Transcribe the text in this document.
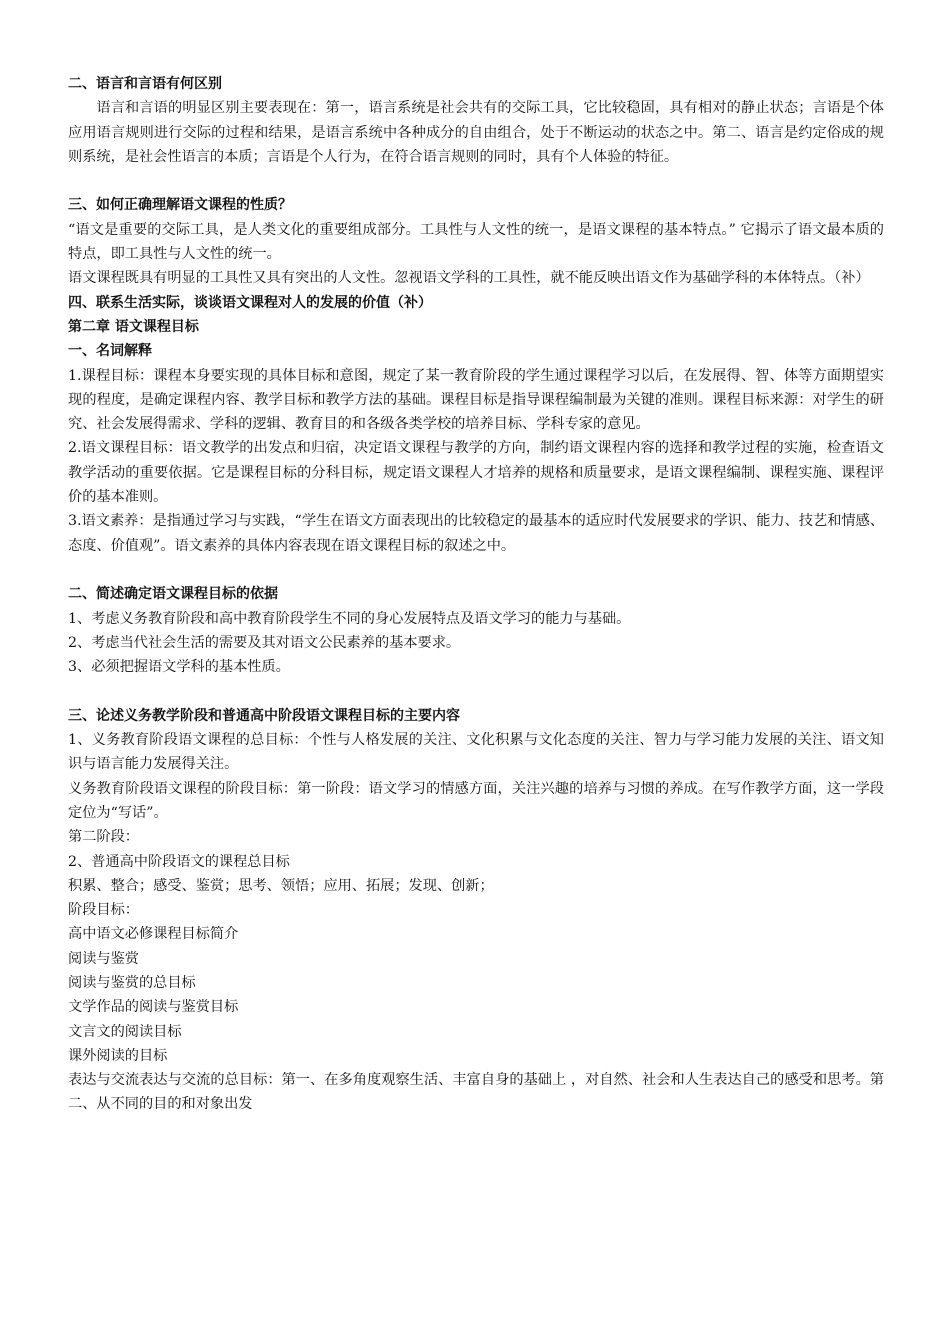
二、语言和言语有何区别

语言和言语的明显区别主要表现在：第一，语言系统是社会共有的交际工具，它比较稳固，具有相对的静止状态；言语是个体应用语言规则进行交际的过程和结果，是语言系统中各种成分的自由组合，处于不断运动的状态之中。第二、语言是约定俗成的规则系统，是社会性语言的本质；言语是个人行为，在符合语言规则的同时，具有个人体验的特征。

三、如何正确理解语文课程的性质？

“语文是重要的交际工具，是人类文化的重要组成部分。工具性与人文性的统一，是语文课程的基本特点。” 它揭示了语文最本质的特点，即工具性与人文性的统一。

语文课程既具有明显的工具性又具有突出的人文性。忽视语文学科的工具性，就不能反映出语文作为基础学科的本体特点。（补）

四、联系生活实际，谈谈语文课程对人的发展的价值（补）

第二章 语文课程目标

一、名词解释

1.课程目标：课程本身要实现的具体目标和意图，规定了某一教育阶段的学生通过课程学习以后，在发展得、智、体等方面期望实现的程度，是确定课程内容、教学目标和教学方法的基础。课程目标是指导课程编制最为关键的准则。课程目标来源：对学生的研究、社会发展得需求、学科的逻辑、教育目的和各级各类学校的培养目标、学科专家的意见。

2.语文课程目标：语文教学的出发点和归宿，决定语文课程与教学的方向，制约语文课程内容的选择和教学过程的实施，检查语文教学活动的重要依据。它是课程目标的分科目标，规定语文课程人才培养的规格和质量要求，是语文课程编制、课程实施、课程评价的基本准则。

3.语文素养：是指通过学习与实践，“学生在语文方面表现出的比较稳定的最基本的适应时代发展要求的学识、能力、技艺和情感、态度、价值观”。语文素养的具体内容表现在语文课程目标的叙述之中。

二、简述确定语文课程目标的依据

1、考虑义务教育阶段和高中教育阶段学生不同的身心发展特点及语文学习的能力与基础。

2、考虑当代社会生活的需要及其对语文公民素养的基本要求。

3、必须把握语文学科的基本性质。

三、论述义务教学阶段和普通高中阶段语文课程目标的主要内容

1、义务教育阶段语文课程的总目标：个性与人格发展的关注、文化积累与文化态度的关注、智力与学习能力发展的关注、语文知识与语言能力发展得关注。

义务教育阶段语文课程的阶段目标：第一阶段：语文学习的情感方面，关注兴趣的培养与习惯的养成。在写作教学方面，这一学段定位为“写话”。

第二阶段：

2、普通高中阶段语文的课程总目标

积累、整合；感受、鉴赏；思考、领悟；应用、拓展；发现、创新；

阶段目标：

高中语文必修课程目标简介

阅读与鉴赏

阅读与鉴赏的总目标

文学作品的阅读与鉴赏目标

文言文的阅读目标

课外阅读的目标

表达与交流表达与交流的总目标：第一、在多角度观察生活、丰富自身的基础上 ，对自然、社会和人生表达自己的感受和思考。第二、从不同的目的和对象出发
